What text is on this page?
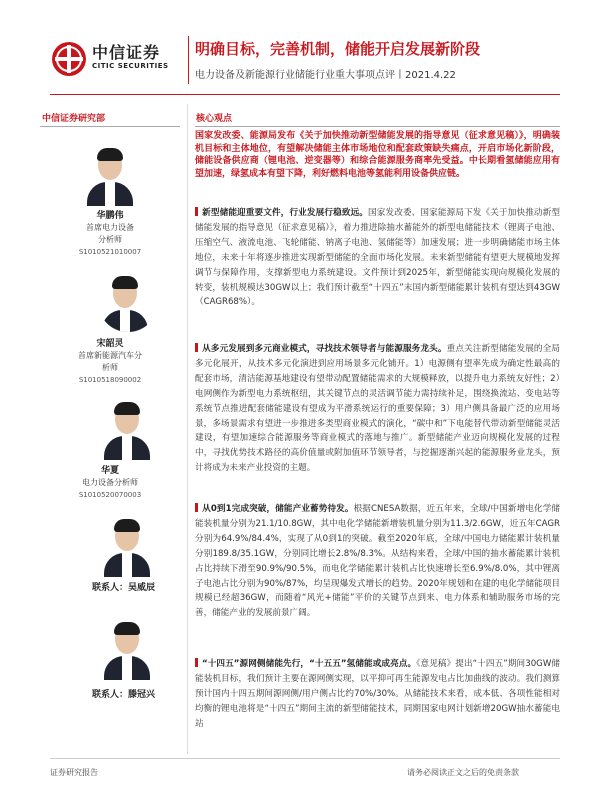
中信证券
CITIC SECURITIES
明确目标，完善机制，储能开启发展新阶段
电力设备及新能源行业储能行业重大事项点评丨2021.4.22
中信证券研究部
华鹏伟
首席电力设备
分析师
S1010521010007
宋韶灵
首席新能源汽车分
析师
S1010518090002
华夏
电力设备分析师
S1010520070003
联系人：吴威辰
联系人：滕冠兴
核心观点
国家发改委、能源局发布《关于加快推动新型储能发展的指导意见（征求意见稿）》，明确装机目标和主体地位，有望解决储能主体市场地位和配套政策缺失痛点，开启市场化新阶段，储能设备供应商（锂电池、逆变器等）和综合能源服务商率先受益。中长期看氢储能应用有望加速，绿氢成本有望下降，利好燃料电池等氢能利用设备供应链。
新型储能迎重要文件，行业发展行稳致远。国家发改委、国家能源局下发《关于加快推动新型储能发展的指导意见（征求意见稿）》，着力推进除抽水蓄能外的新型电储能技术（锂离子电池、压缩空气、液流电池、飞轮储能、钠离子电池、氢储能等）加速发展；进一步明确储能市场主体地位，未来十年将逐步推进实现新型储能的全面市场化发展。未来新型储能有望更大规模地发挥调节与保障作用，支撑新型电力系统建设。文件预计到2025年，新型储能实现向规模化发展的转变，装机规模达30GW以上；我们预计截至“十四五”末国内新型储能累计装机有望达到43GW（CAGR68%）。
从多元发展到多元商业模式，寻找技术领导者与能源服务龙头。重点关注新型储能发展的全局多元化展开，从技术多元化演进到应用场景多元化铺开。1）电源侧有望率先成为确定性最高的配套市场，清洁能源基地建设有望带动配置储能需求的大规模释放，以提升电力系统友好性；2）电网侧作为新型电力系统枢纽，其关键节点的灵活调节能力需持续补足，围绕换流站、变电站等系统节点推进配套储能建设有望成为平滑系统运行的重要保障；3）用户侧具备最广泛的应用场景，多场景需求有望进一步推进多类型商业模式的演化，“碳中和”下电能替代带动新型储能灵活建设，有望加速综合能源服务等商业模式的落地与推广。新型储能产业迈向规模化发展的过程中，寻找优势技术路径的高价值量或附加值环节领导者，与挖掘逐渐兴起的能源服务业龙头，预计将成为未来产业投资的主题。
从0到1完成突破，储能产业蓄势待发。根据CNESA数据，近五年来，全球/中国新增电化学储能装机量分别为21.1/10.8GW，其中电化学储能新增装机量分别为11.3/2.6GW，近五年CAGR分别为64.9%/84.4%，实现了从0到1的突破。截至2020年底，全球/中国电力储能累计装机量分别189.8/35.1GW，分别同比增长2.8%/8.3%。从结构来看，全球/中国的抽水蓄能累计装机占比持续下滑至90.9%/90.5%，而电化学储能累计装机占比快速增长至6.9%/8.0%，其中锂离子电池占比分别为90%/87%，均呈现爆发式增长的趋势。2020年规划和在建的电化学储能项目规模已经超36GW，而随着“风光+储能”平价的关键节点到来、电力体系和辅助服务市场的完善，储能产业的发展前景广阔。
“十四五”源网侧储能先行，“十五五”氢储能或成亮点。《意见稿》提出“十四五”期间30GW储能装机目标，我们预计主要在源网侧实现，以平抑可再生能源发电占比加曲线的波动。我们测算预计国内十四五期间源网侧/用户侧占比约70%/30%。从储能技术来看，成本低、各项性能相对均衡的锂电池将是“十四五”期间主流的新型储能技术，同期国家电网计划新增20GW抽水蓄能电站
证券研究报告	请务必阅读正文之后的免责条款
